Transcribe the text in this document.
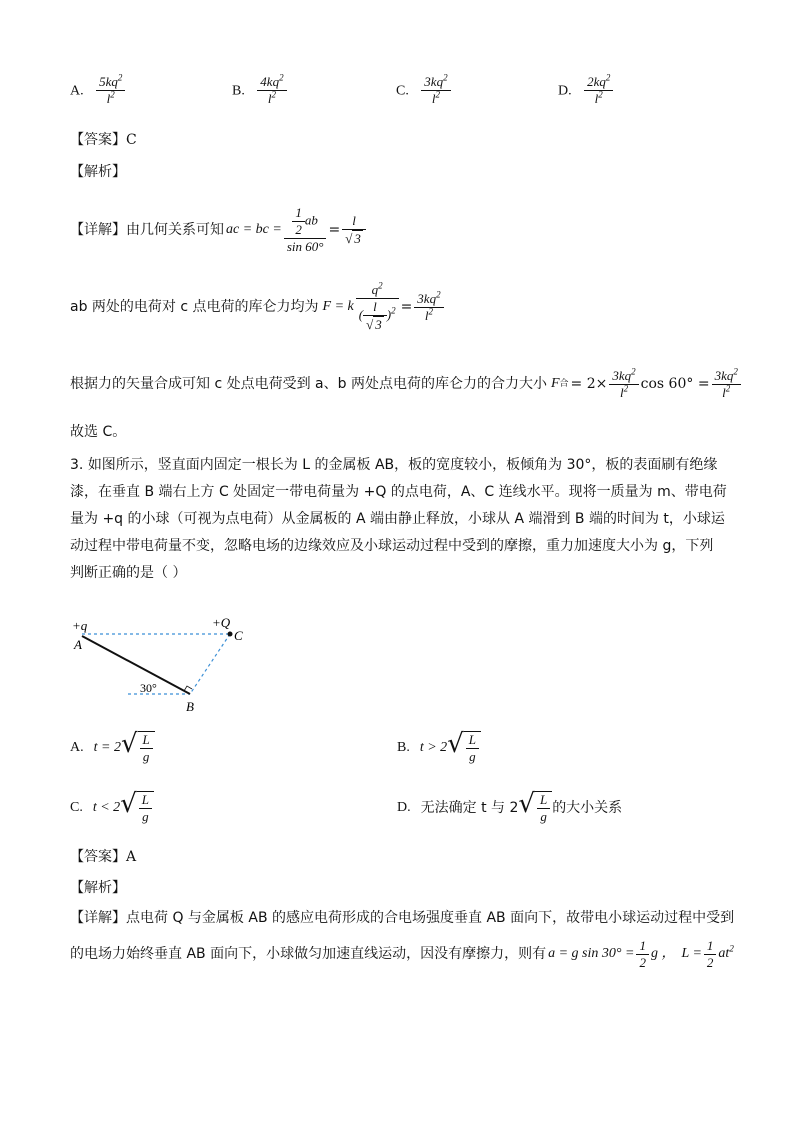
A. $\frac{5kq^2}{l^2}$	B. $\frac{4kq^2}{l^2}$	C. $\frac{3kq^2}{l^2}$	D. $\frac{2kq^2}{l^2}$
【答案】C
【解析】
【详解】 由几何关系可知 ac = bc = $\frac{\frac{1}{2} ab}{\sin 60^\circ} = \frac{l}{√ 3}$
ab 两处的电荷对 c 点电荷的库仑力均为 F = k $\frac{q^2}{( \frac{l}{√ 3} )^2} = \frac{3kq^2}{l^2}$
根据力的矢量合成可知 c 处点电荷受到 a、b 两处点电荷的库仑力的合力大小 F 合 = $2\times \frac{3kq^2}{l^2}$ $\cos 60^\circ = \frac{3kq^2}{l^2}$
故选 C。
3. 如图所示，竖直面内固定一根长为 L 的金属板 AB，板的宽度较小，板倾角为 30°，板的表面刷有绝缘
漆，在垂直 B 端右上方 C 处固定一带电荷量为 +Q 的点电荷，A、C 连线水平。现将一质量为 m、带电荷
量为 +q 的小球（可视为点电荷）从金属板的 A 端由静止释放，小球从 A 端滑到 B 端的时间为 t，小球运
动过程中带电荷量不变，忽略电场的边缘效应及小球运动过程中受到的摩擦，重力加速度大小为 g，下列
判断正确的是（ ）
+q
A
+Q
C
30°
B
A. t = 2 √ $\frac{L}{g}$	B. t > 2 √ $\frac{L}{g}$
C. t < 2 √ $\frac{L}{g}$	D. 无法确定 t 与 2 √ $\frac{L}{g}$ 的大小关系
【答案】A
【解析】
【详解】点电荷 Q 与金属板 AB 的感应电荷形成的合电场强度垂直 AB 面向下，故带电小球运动过程中受到
的电场力始终垂直 AB 面向下，小球做匀加速直线运动，因没有摩擦力，则有 a = g $\sin 30^\circ = \frac{1}{2}$ g ， $L = \frac{1}{2} at^2$
